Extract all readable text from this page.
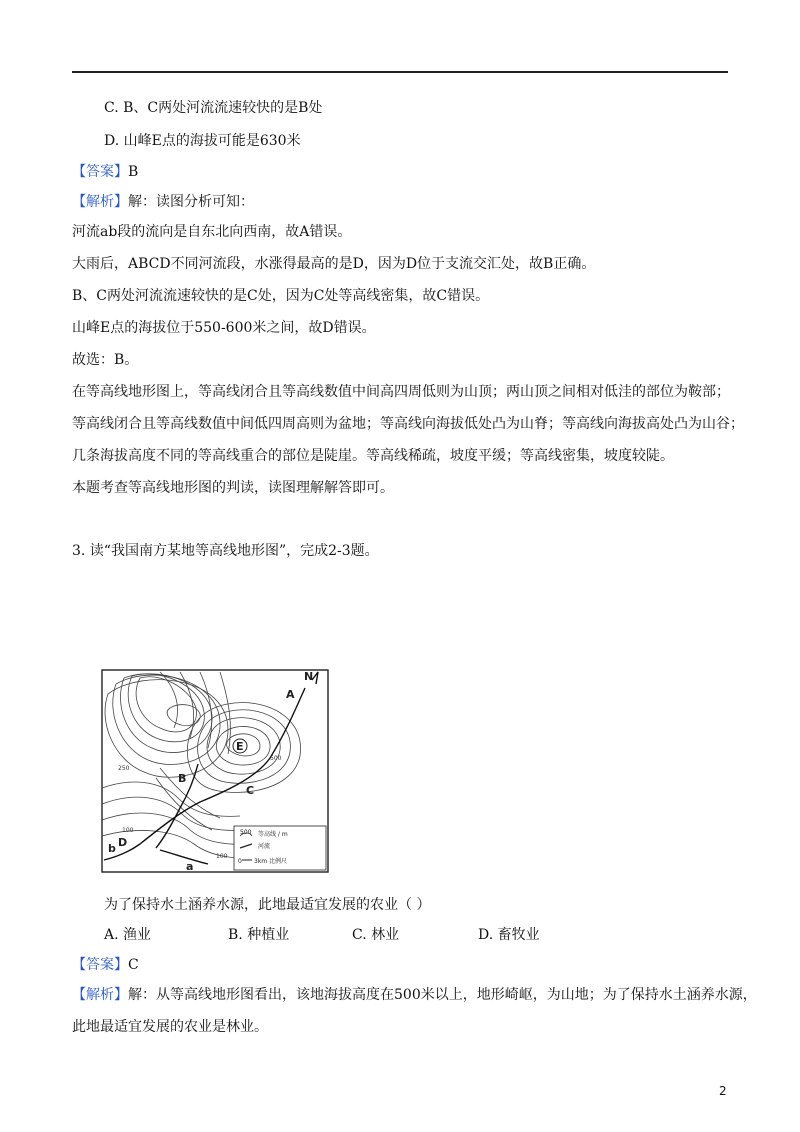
C. B、C两处河流流速较快的是B处
D. 山峰E点的海拔可能是630米
【答案】B
【解析】解：读图分析可知：
河流ab段的流向是自东北向西南，故A错误。
大雨后，ABCD不同河流段，水涨得最高的是D，因为D位于支流交汇处，故B正确。
B、C两处河流流速较快的是C处，因为C处等高线密集，故C错误。
山峰E点的海拔位于550-600米之间，故D错误。
故选：B。
在等高线地形图上，等高线闭合且等高线数值中间高四周低则为山顶；两山顶之间相对低洼的部位为鞍部；
等高线闭合且等高线数值中间低四周高则为盆地；等高线向海拔低处凸为山脊；等高线向海拔高处凸为山谷；
几条海拔高度不同的等高线重合的部位是陡崖。等高线稀疏，坡度平缓；等高线密集，坡度较陡。
本题考查等高线地形图的判读，读图理解解答即可。
3. 读“我国南方某地等高线地形图”，完成2-3题。
N
A
B
C
D
E
a
b
250
500
100
100
500 等高线 / m
河流
0 3km 比例尺
为了保持水土涵养水源，此地最适宜发展的农业（ ）
A. 渔业	B. 种植业	C. 林业	D. 畜牧业
【答案】C
【解析】解：从等高线地形图看出，该地海拔高度在500米以上，地形崎岖，为山地；为了保持水土涵养水源，
此地最适宜发展的农业是林业。
2
